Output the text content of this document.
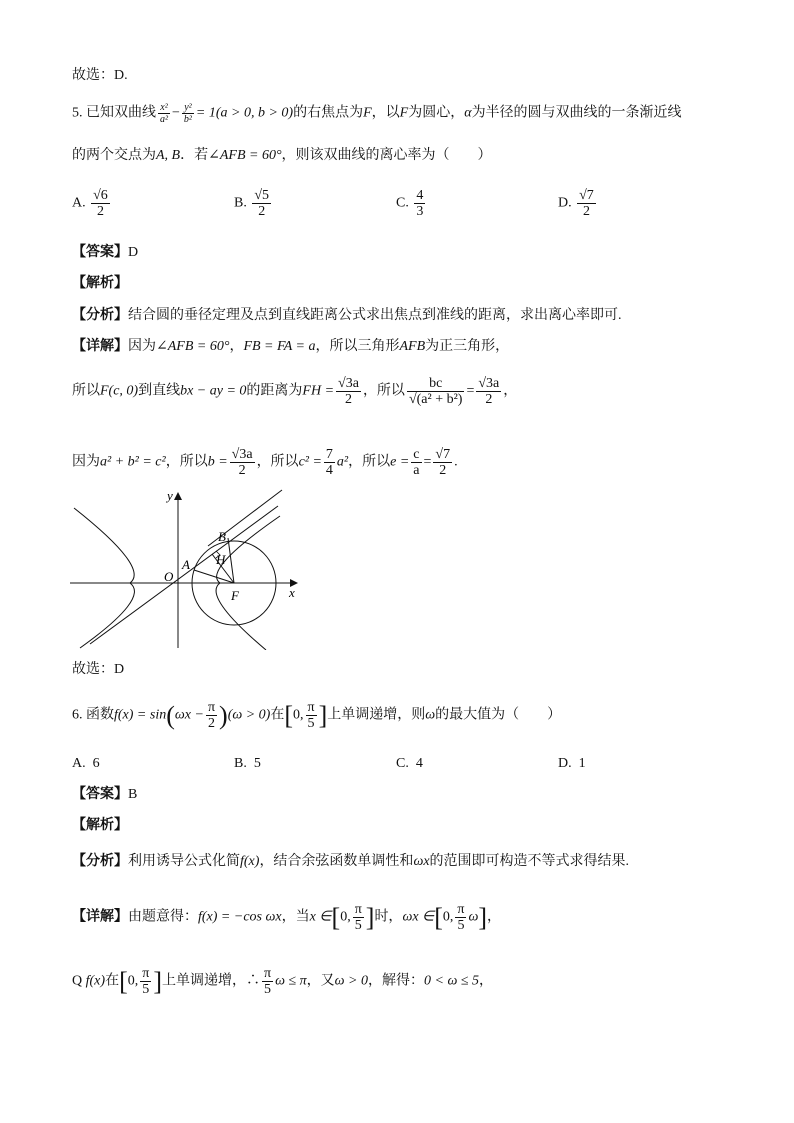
故选：D.
5. 已知双曲线 $\frac{\text{x²}}{\text{a²}} - \frac{\text{y²}}{\text{b²}} = 1(a > 0$, b > 0)的右焦点为F，以F为圆心，α为半径的圆与双曲线的一条渐近线
的两个交点为A, B．若∠AFB = 60°，则该双曲线的离心率为（　　）
A. $\frac{√6}{2}$	B. $\frac{√5}{2}$	C. $\frac{4}{3}$	D. $\frac{√7}{2}$
【答案】D
【解析】
【分析】结合圆的垂径定理及点到直线距离公式求出焦点到准线的距离，求出离心率即可.
【详解】因为∠AFB = 60°，FB = FA = a，所以三角形AFB为正三角形，
所以F(c, 0)到直线bx − ay = 0的距离为FH = $\frac{√3a}{2}$ ，所以 $\frac{bc}{\text{√(a² + b²)}} = \frac{√3a}{2}$ ，
因为a² + b² = c²，所以$b = \frac{√3a}{2}$ ，所以$c^2 = \frac{7}{4} a^2$，所以$e = \frac{c}{a} = \frac{√7}{2}$ .
y
x
O
A
B
H
F
故选：D
6. 函数$f(x) = \sin(\omega x - \frac{\pi}{2} )(\omega > 0)$在[0, $\frac{\pi}{5}$ ]上单调递增，则ω的最大值为（　　）
A. 6	B. 5	C. 4	D. 1
【答案】B
【解析】
【分析】利用诱导公式化简f(x)，结合余弦函数单调性和ωx的范围即可构造不等式求得结果.
【详解】由题意得：f(x) = −cos ωx，当x ∈[0, $\frac{\pi}{5}$ ]时，ωx ∈[0, $\frac{\pi}{5} \omega$]，
Q f(x)在[0, $\frac{\pi}{5}$ ]上单调递增，∴ $\frac{\pi}{5}$ ω ≤ π，又ω > 0，解得：0 < ω ≤ 5，
